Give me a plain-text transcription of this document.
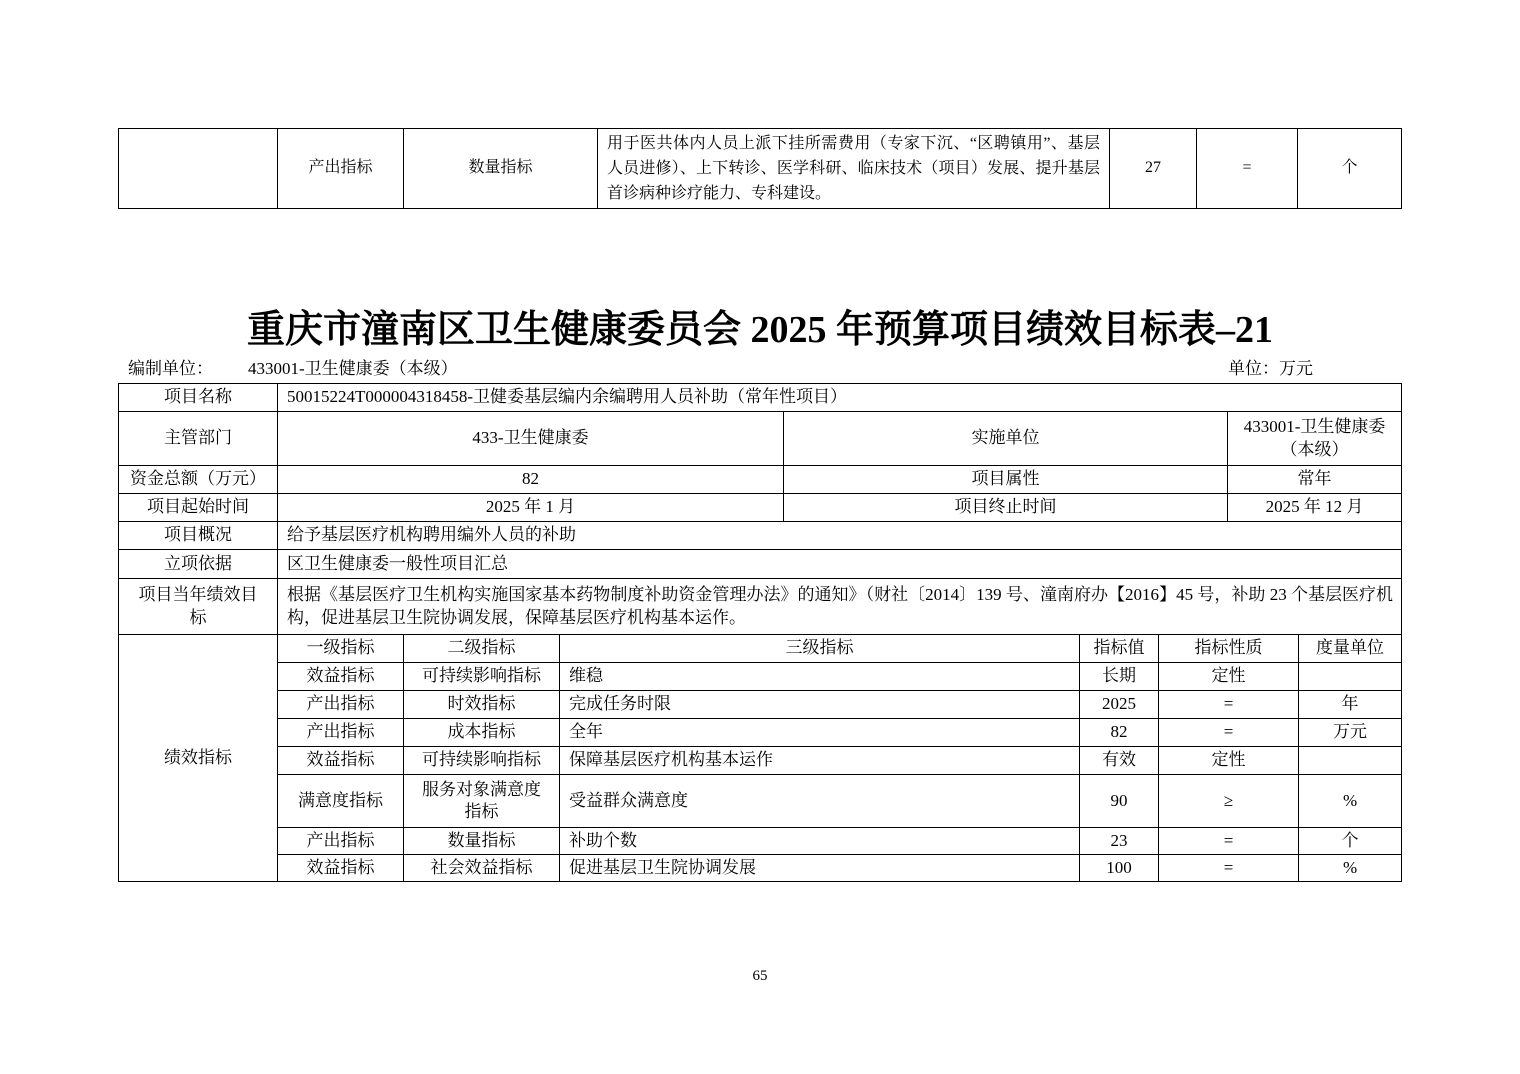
	产出指标	数量指标	用于医共体内人员上派下挂所需费用（专家下沉、“区聘镇用”、基层人员进修）、上下转诊、医学科研、临床技术（项目）发展、提升基层首诊病种诊疗能力、专科建设。	27	=	个
重庆市潼南区卫生健康委员会 2025 年预算项目绩效目标表–21
编制单位： 433001-卫生健康委（本级）	单位：万元
项目名称	50015224T000004318458-卫健委基层编内余编聘用人员补助（常年性项目）							
主管部门	433-卫生健康委			实施单位			433001-卫生健康委（本级）	
资金总额（万元）	82			项目属性			常年	
项目起始时间	2025 年 1 月			项目终止时间			2025 年 12 月	
项目概况	给予基层医疗机构聘用编外人员的补助							
立项依据	区卫生健康委一般性项目汇总							
项目当年绩效目标	根据《基层医疗卫生机构实施国家基本药物制度补助资金管理办法》的通知》（财社〔2014〕139 号、潼南府办【2016】45 号，补助 23 个基层医疗机构，促进基层卫生院协调发展，保障基层医疗机构基本运作。							
绩效指标	一级指标	二级指标	三级指标		指标值	指标性质		度量单位
	效益指标	可持续影响指标	维稳		长期	定性		
	产出指标	时效指标	完成任务时限		2025	=		年
	产出指标	成本指标	全年		82	=		万元
	效益指标	可持续影响指标	保障基层医疗机构基本运作		有效	定性		
	满意度指标	服务对象满意度指标	受益群众满意度		90	≥		%
	产出指标	数量指标	补助个数		23	=		个
	效益指标	社会效益指标	促进基层卫生院协调发展		100	=		%
65
